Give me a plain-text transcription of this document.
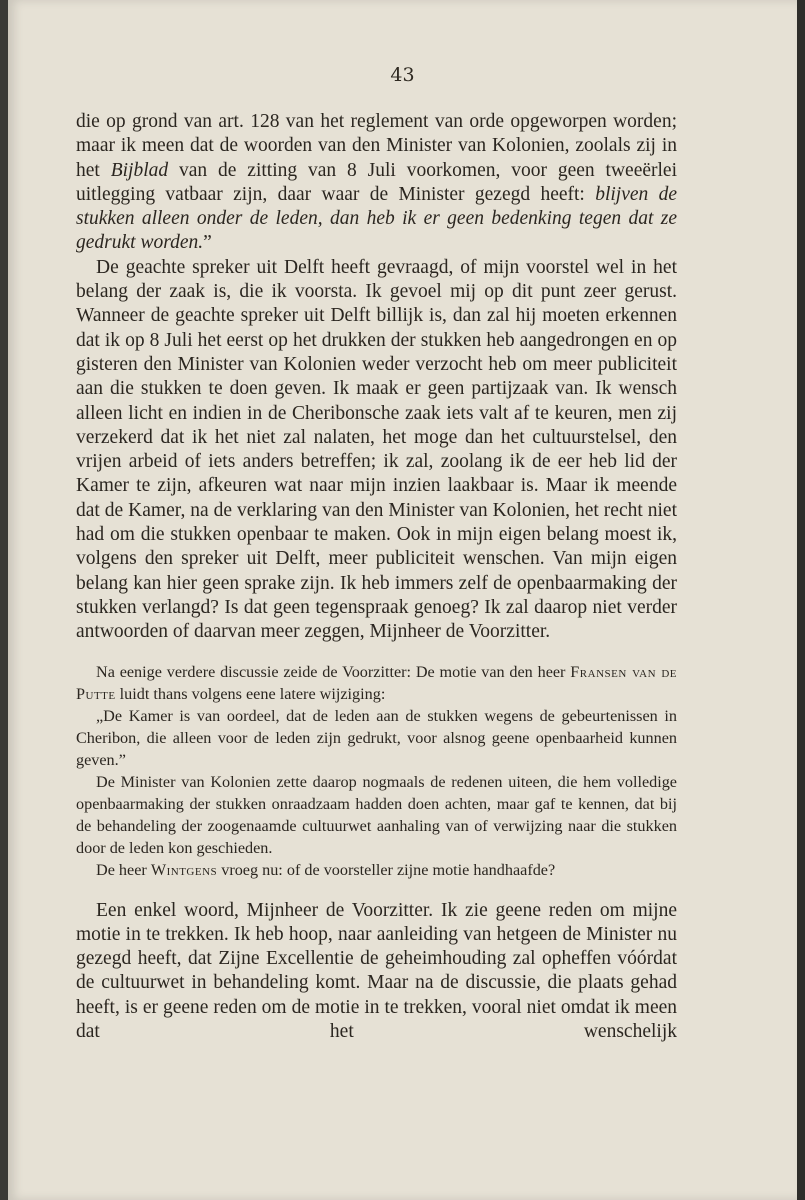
43

die op grond van art. 128 van het reglement van orde opgeworpen worden; maar ik meen dat de woorden van den Minister van Kolonien, zoolals zij in het Bijblad van de zitting van 8 Juli voorkomen, voor geen tweeërlei uitlegging vatbaar zijn, daar waar de Minister gezegd heeft: blijven de stukken alleen onder de leden, dan heb ik er geen bedenking tegen dat ze gedrukt worden.”

De geachte spreker uit Delft heeft gevraagd, of mijn voorstel wel in het belang der zaak is, die ik voorsta. Ik gevoel mij op dit punt zeer gerust. Wanneer de geachte spreker uit Delft billijk is, dan zal hij moeten erkennen dat ik op 8 Juli het eerst op het drukken der stukken heb aangedrongen en op gisteren den Minister van Kolonien weder verzocht heb om meer publiciteit aan die stukken te doen geven. Ik maak er geen partijzaak van. Ik wensch alleen licht en indien in de Cheribonsche zaak iets valt af te keuren, men zij verzekerd dat ik het niet zal nalaten, het moge dan het cultuurstelsel, den vrijen arbeid of iets anders betreffen; ik zal, zoolang ik de eer heb lid der Kamer te zijn, afkeuren wat naar mijn inzien laakbaar is. Maar ik meende dat de Kamer, na de verklaring van den Minister van Kolonien, het recht niet had om die stukken openbaar te maken. Ook in mijn eigen belang moest ik, volgens den spreker uit Delft, meer publiciteit wenschen. Van mijn eigen belang kan hier geen sprake zijn. Ik heb immers zelf de openbaarmaking der stukken verlangd? Is dat geen tegenspraak genoeg? Ik zal daarop niet verder antwoorden of daarvan meer zeggen, Mijnheer de Voorzitter.

Na eenige verdere discussie zeide de Voorzitter: De motie van den heer Fransen van de Putte luidt thans volgens eene latere wijziging:

„De Kamer is van oordeel, dat de leden aan de stukken wegens de gebeurtenissen in Cheribon, die alleen voor de leden zijn gedrukt, voor alsnog geene openbaarheid kunnen geven.”

De Minister van Kolonien zette daarop nogmaals de redenen uiteen, die hem volledige openbaarmaking der stukken onraadzaam hadden doen achten, maar gaf te kennen, dat bij de behandeling der zoogenaamde cultuurwet aanhaling van of verwijzing naar die stukken door de leden kon geschieden.

De heer Wintgens vroeg nu: of de voorsteller zijne motie handhaafde?

Een enkel woord, Mijnheer de Voorzitter. Ik zie geene reden om mijne motie in te trekken. Ik heb hoop, naar aanleiding van hetgeen de Minister nu gezegd heeft, dat Zijne Excellentie de geheimhouding zal opheffen vóórdat de cultuurwet in behandeling komt. Maar na de discussie, die plaats gehad heeft, is er geene reden om de motie in te trekken, vooral niet omdat ik meen dat het wenschelijk
